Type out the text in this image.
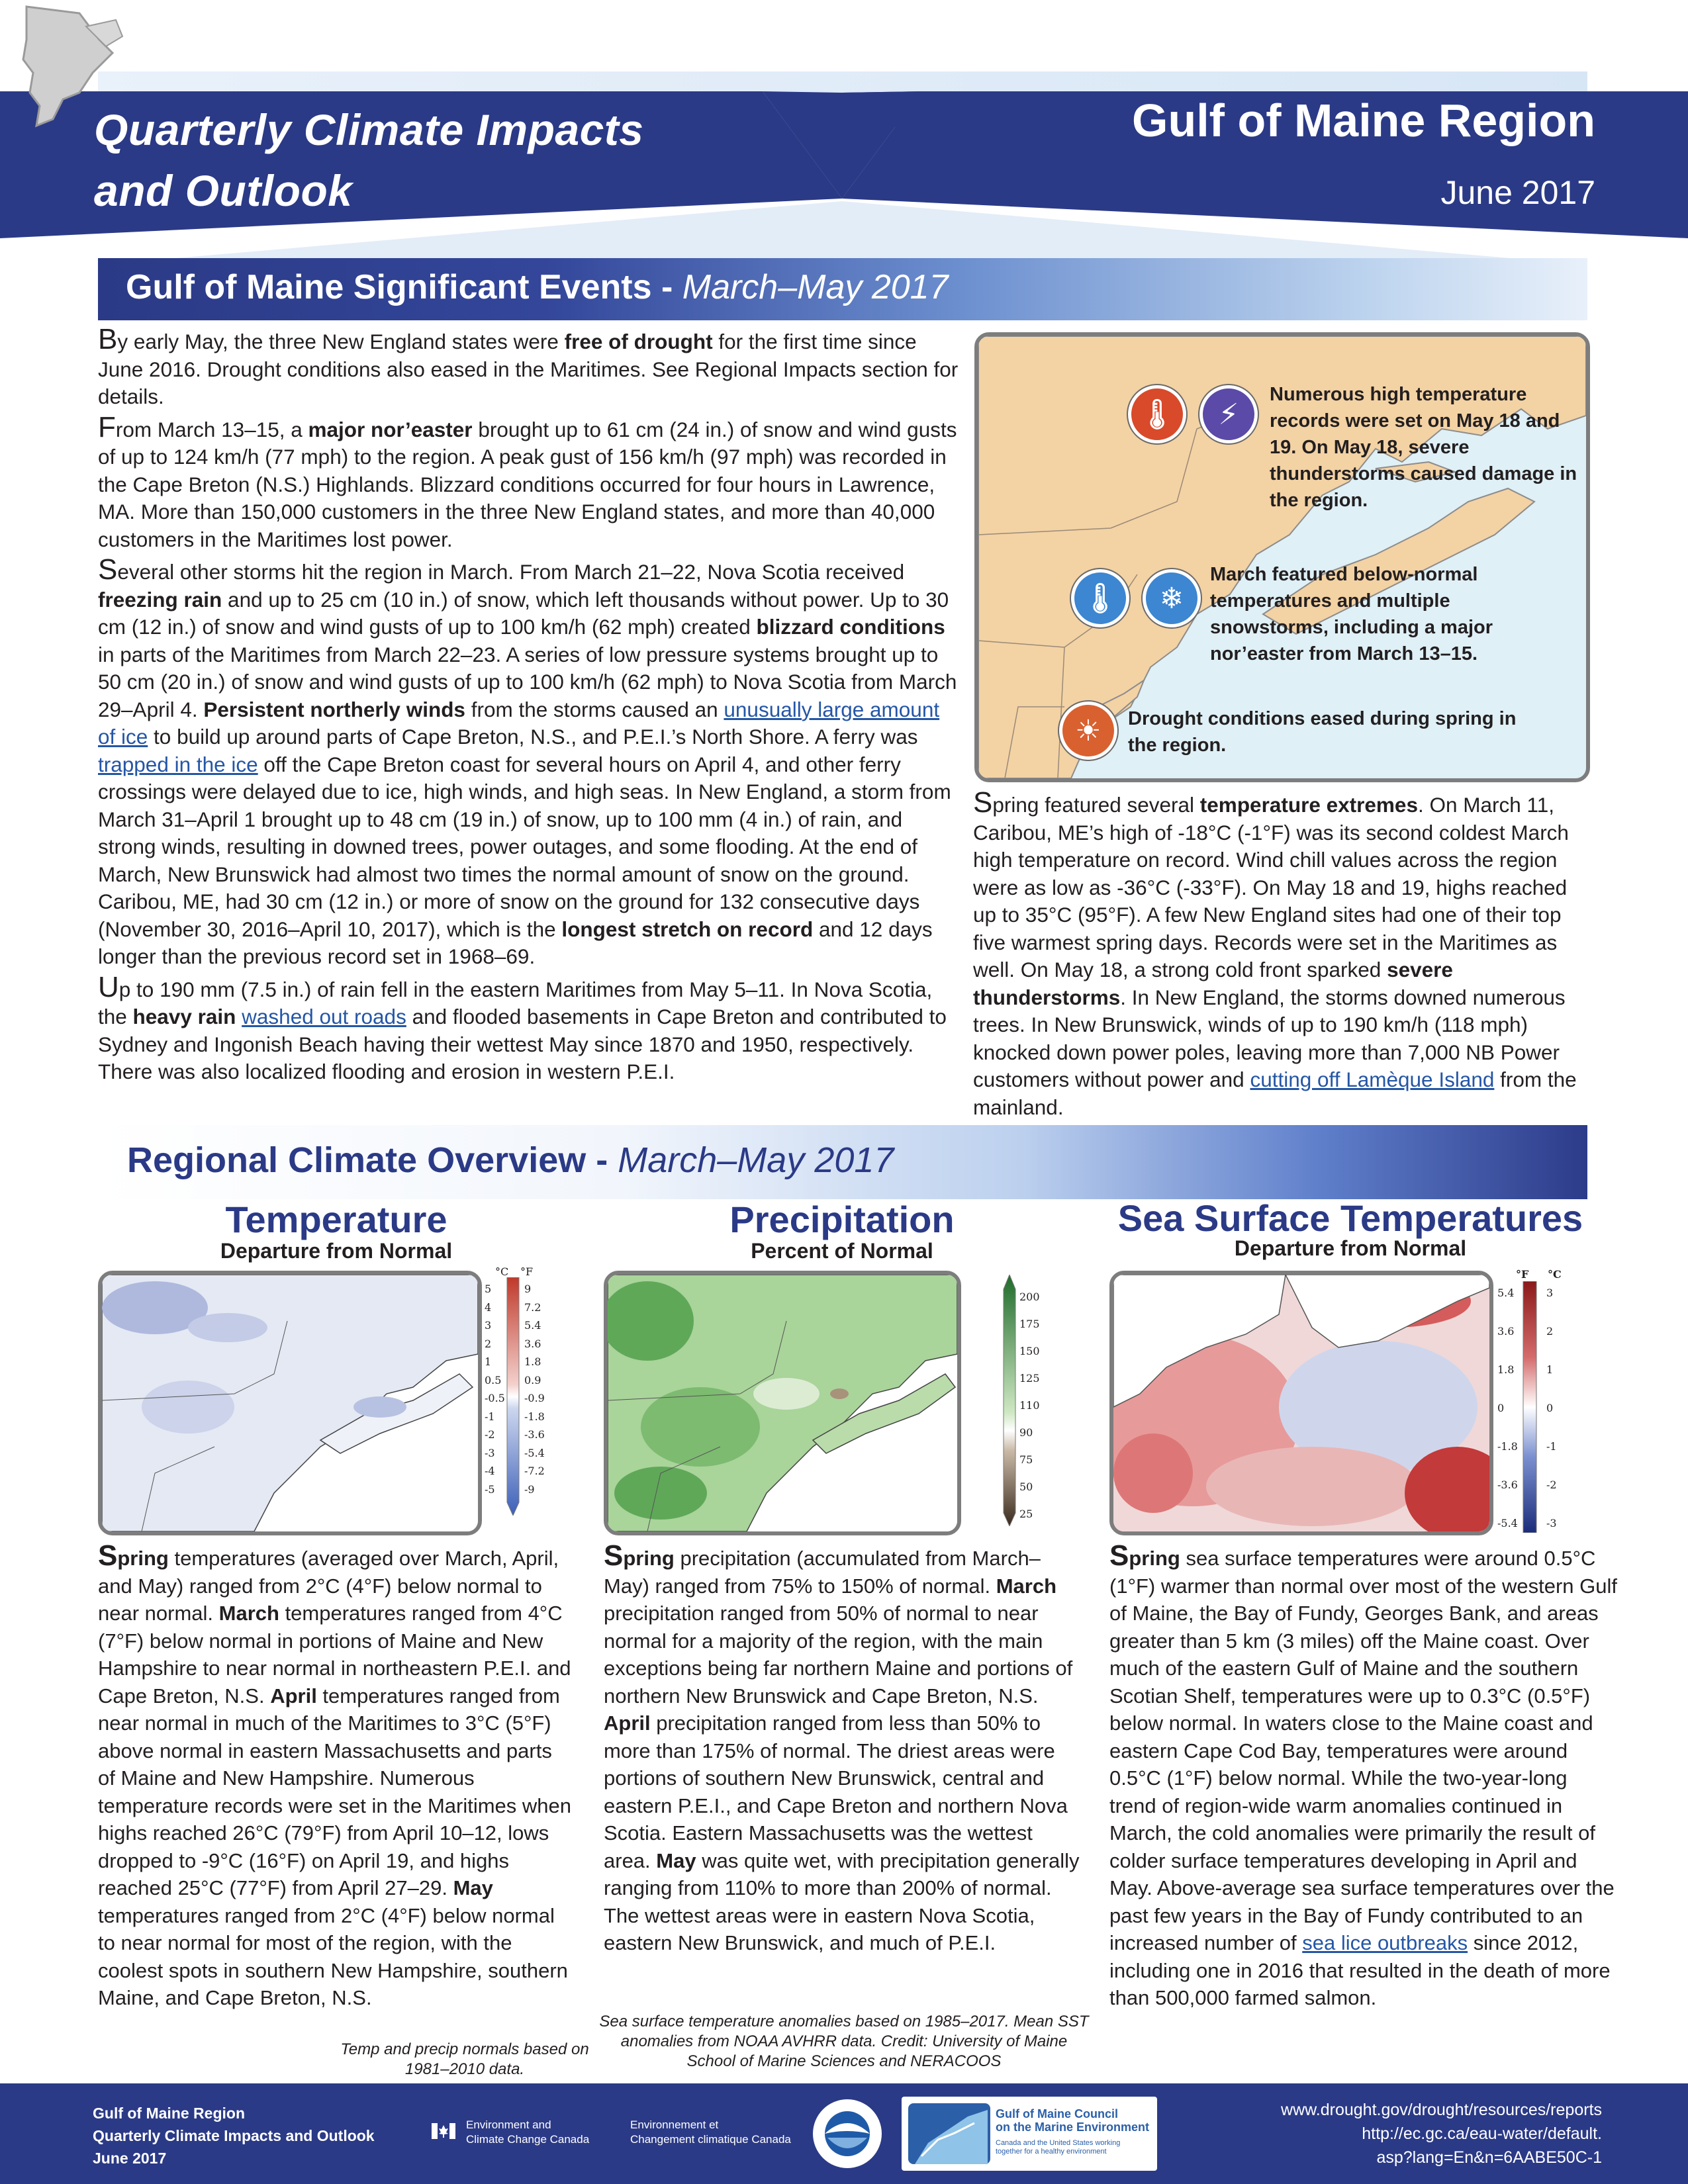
Quarterly Climate Impacts
and Outlook
Gulf of Maine Region
June 2017
Gulf of Maine Significant Events - March–May 2017

By early May, the three New England states were free of drought for the first time since June 2016. Drought conditions also eased in the Maritimes. See Regional Impacts section for details.

From March 13–15, a major nor’easter brought up to 61 cm (24 in.) of snow and wind gusts of up to 124 km/h (77 mph) to the region. A peak gust of 156 km/h (97 mph) was recorded in the Cape Breton (N.S.) Highlands. Blizzard conditions occurred for four hours in Lawrence, MA. More than 150,000 customers in the three New England states, and more than 40,000 customers in the Maritimes lost power.

Several other storms hit the region in March. From March 21–22, Nova Scotia received freezing rain and up to 25 cm (10 in.) of snow, which left thousands without power. Up to 30 cm (12 in.) of snow and wind gusts of up to 100 km/h (62 mph) created blizzard conditions in parts of the Maritimes from March 22–23. A series of low pressure systems brought up to 50 cm (20 in.) of snow and wind gusts of up to 100 km/h (62 mph) to Nova Scotia from March 29–April 4. Persistent northerly winds from the storms caused an unusually large amount of ice to build up around parts of Cape Breton, N.S., and P.E.I.’s North Shore. A ferry was trapped in the ice off the Cape Breton coast for several hours on April 4, and other ferry crossings were delayed due to ice, high winds, and high seas. In New England, a storm from March 31–April 1 brought up to 48 cm (19 in.) of snow, up to 100 mm (4 in.) of rain, and strong winds, resulting in downed trees, power outages, and some flooding. At the end of March, New Brunswick had almost two times the normal amount of snow on the ground. Caribou, ME, had 30 cm (12 in.) or more of snow on the ground for 132 consecutive days (November 30, 2016–April 10, 2017), which is the longest stretch on record and 12 days longer than the previous record set in 1968–69.

Up to 190 mm (7.5 in.) of rain fell in the eastern Maritimes from May 5–11. In Nova Scotia, the heavy rain washed out roads and flooded basements in Cape Breton and contributed to Sydney and Ingonish Beach having their wettest May since 1870 and 1950, respectively. There was also localized flooding and erosion in western P.E.I.

🌡	⚡
Numerous high temperature records were set on May 18 and 19. On May 18, severe thunderstorms caused damage in the region.
🌡	❄
March featured below-normal temperatures and multiple snowstorms, including a major nor’easter from March 13–15.
☀	Drought conditions eased during spring in the region.

Spring featured several temperature extremes. On March 11, Caribou, ME’s high of -18°C (-1°F) was its second coldest March high temperature on record. Wind chill values across the region were as low as -36°C (-33°F). On May 18 and 19, highs reached up to 35°C (95°F). A few New England sites had one of their top five warmest spring days. Records were set in the Maritimes as well. On May 18, a strong cold front sparked severe thunderstorms. In New England, the storms downed numerous trees. In New Brunswick, winds of up to 190 km/h (118 mph) knocked down power poles, leaving more than 7,000 NB Power customers without power and cutting off Lamèque Island from the mainland.

Regional Climate Overview - March–May 2017
Temperature
Departure from Normal
°C °F
5
4
3
2
1
0.5
-0.5
-1
-2
-3
-4
-5
9
7.2
5.4
3.6
1.8
0.9
-0.9
-1.8
-3.6
-5.4
-7.2
-9
Spring temperatures (averaged over March, April, and May) ranged from 2°C (4°F) below normal to near normal. March temperatures ranged from 4°C (7°F) below normal in portions of Maine and New Hampshire to near normal in northeastern P.E.I. and Cape Breton, N.S. April temperatures ranged from near normal in much of the Maritimes to 3°C (5°F) above normal in eastern Massachusetts and parts of Maine and New Hampshire. Numerous temperature records were set in the Maritimes when highs reached 26°C (79°F) from April 10–12, lows dropped to -9°C (16°F) on April 19, and highs reached 25°C (77°F) from April 27–29. May temperatures ranged from 2°C (4°F) below normal to near normal for most of the region, with the coolest spots in southern New Hampshire, southern Maine, and Cape Breton, N.S.
Temp and precip normals based on 1981–2010 data.
Precipitation
Percent of Normal
200
175
150
125
110
90
75
50
25
Spring precipitation (accumulated from March–May) ranged from 75% to 150% of normal. March precipitation ranged from 50% of normal to near normal for a majority of the region, with the main exceptions being far northern Maine and portions of northern New Brunswick and Cape Breton, N.S. April precipitation ranged from less than 50% to more than 175% of normal. The driest areas were portions of southern New Brunswick, central and eastern P.E.I., and Cape Breton and northern Nova Scotia. Eastern Massachusetts was the wettest area. May was quite wet, with precipitation generally ranging from 110% to more than 200% of normal. The wettest areas were in eastern Nova Scotia, eastern New Brunswick, and much of P.E.I.
Sea surface temperature anomalies based on 1985–2017. Mean SST anomalies from NOAA AVHRR data. Credit: University of Maine School of Marine Sciences and NERACOOS
Sea Surface Temperatures
Departure from Normal
°F °C
5.4
3.6
1.8
0
-1.8
-3.6
-5.4
3
2
1
0
-1
-2
-3
Spring sea surface temperatures were around 0.5°C (1°F) warmer than normal over most of the western Gulf of Maine, the Bay of Fundy, Georges Bank, and areas greater than 5 km (3 miles) off the Maine coast. Over much of the eastern Gulf of Maine and the southern Scotian Shelf, temperatures were up to 0.3°C (0.5°F) below normal. In waters close to the Maine coast and eastern Cape Cod Bay, temperatures were around 0.5°C (1°F) below normal. While the two-year-long trend of region-wide warm anomalies continued in March, the cold anomalies were primarily the result of colder surface temperatures developing in April and May. Above-average sea surface temperatures over the past few years in the Bay of Fundy contributed to an increased number of sea lice outbreaks since 2012, including one in 2016 that resulted in the death of more than 500,000 farmed salmon.
Gulf of Maine Region
Quarterly Climate Impacts and Outlook
June 2017
Environment and
Climate Change Canada
Environnement et
Changement climatique Canada
Gulf of Maine Council
on the Marine Environment
Canada and the United States working
together for a healthy environment
www.drought.gov/drought/resources/reports
http://ec.gc.ca/eau-water/default.
asp?lang=En&n=6AABE50C-1
